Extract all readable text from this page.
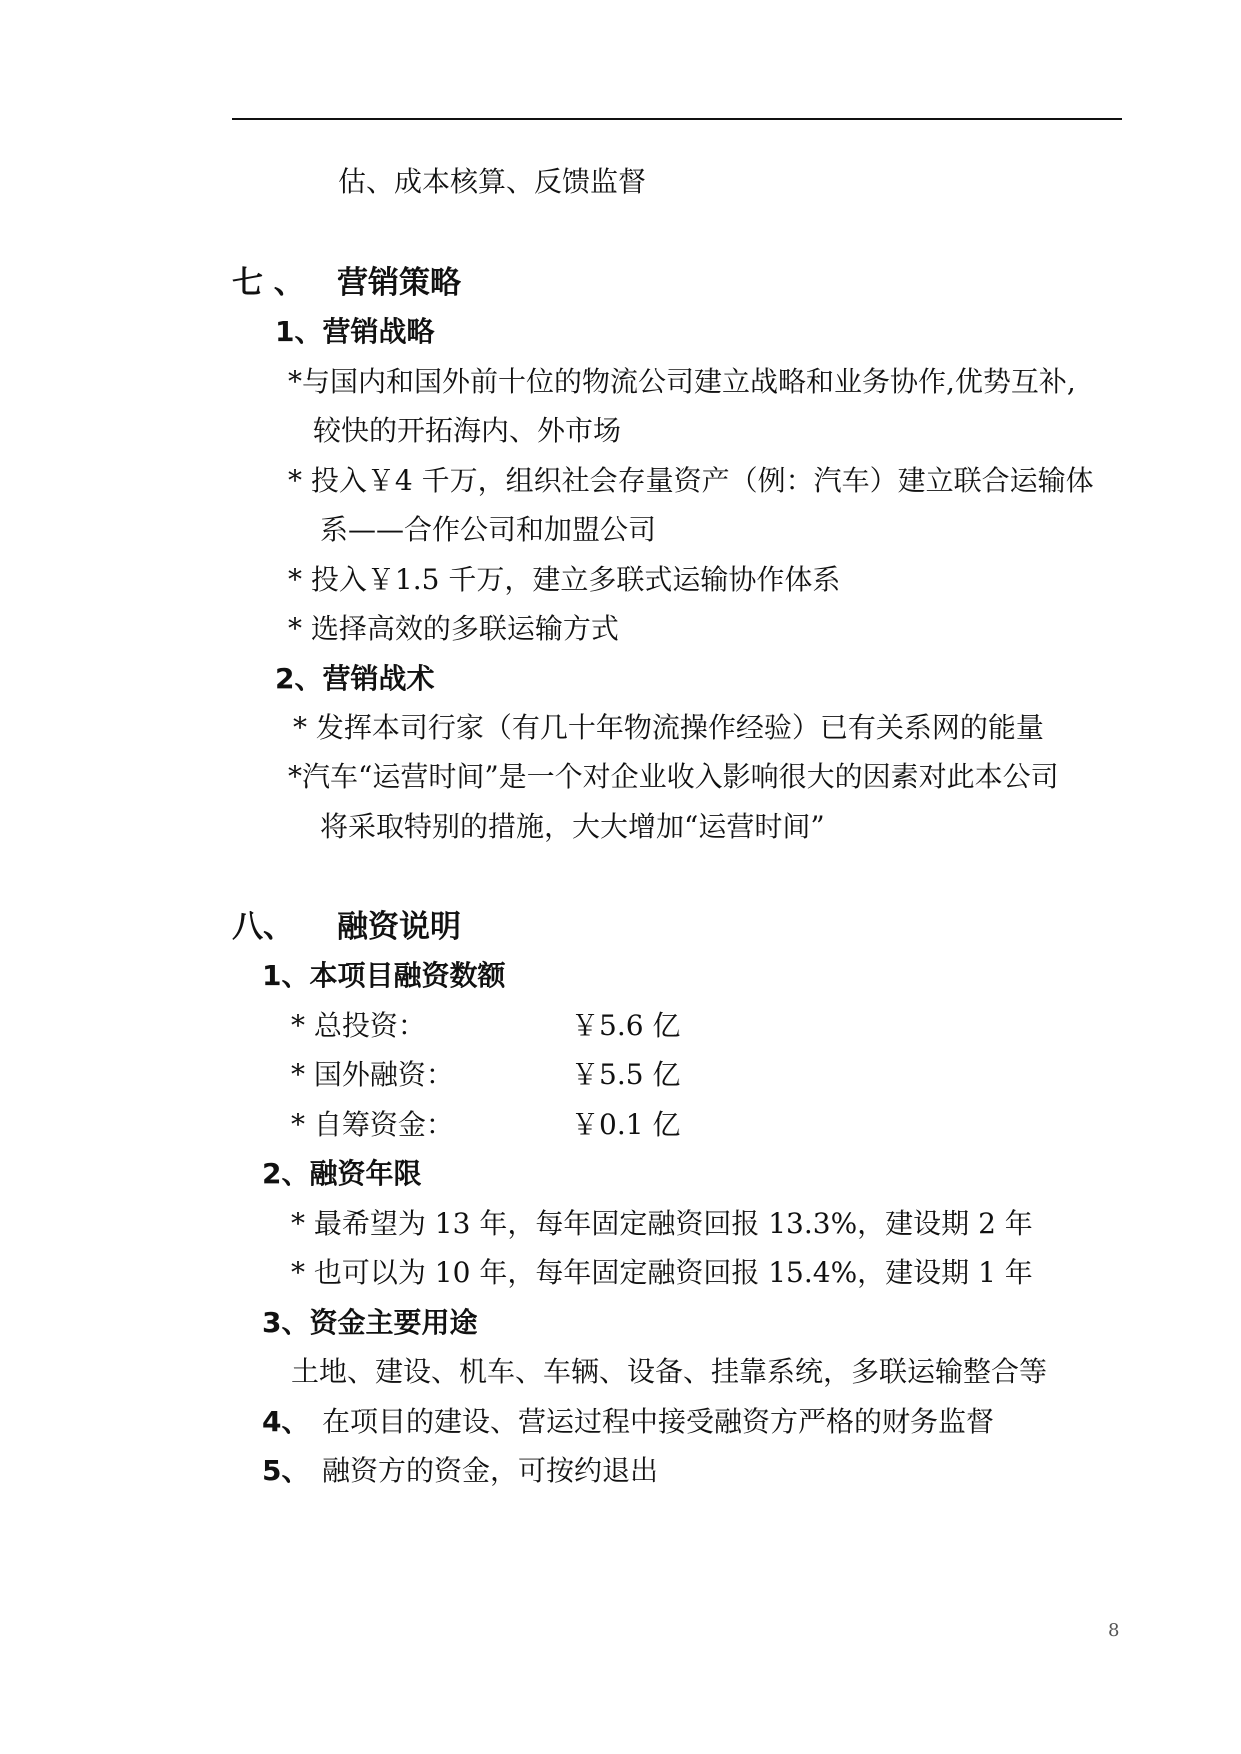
估、成本核算、反馈监督
七 、 营销策略
1、营销战略
*与国内和国外前十位的物流公司建立战略和业务协作,优势互补,
较快的开拓海内、外市场
* 投入￥4 千万，组织社会存量资产（例：汽车）建立联合运输体
系——合作公司和加盟公司
* 投入￥1.5 千万，建立多联式运输协作体系
* 选择高效的多联运输方式
2、营销战术
* 发挥本司行家（有几十年物流操作经验）已有关系网的能量
*汽车“运营时间”是一个对企业收入影响很大的因素对此本公司
将采取特别的措施，大大增加“运营时间”
八、 融资说明
1、本项目融资数额
* 总投资：	￥5.6 亿
* 国外融资：	￥5.5 亿
* 自筹资金：	￥0.1 亿
2、融资年限
* 最希望为 13 年，每年固定融资回报 13.3%，建设期 2 年
* 也可以为 10 年，每年固定融资回报 15.4%，建设期 1 年
3、资金主要用途
土地、建设、机车、车辆、设备、挂靠系统，多联运输整合等
4、 在项目的建设、营运过程中接受融资方严格的财务监督
5、 融资方的资金，可按约退出
8
